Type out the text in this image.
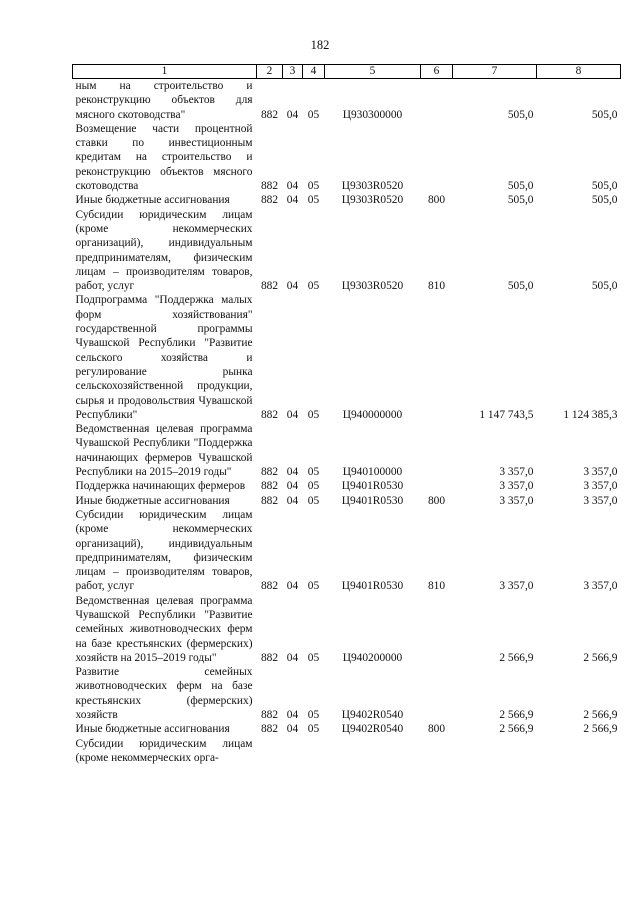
182
1	2	3	4	5	6	7	8
ным на строительство и реконструкцию объектов для мясного скотоводства"	882	04	05	Ц930300000		505,0	505,0
Возмещение части процентной ставки по инвестиционным кредитам на строительство и реконструкцию объектов мясного скотоводства	882	04	05	Ц9303R0520		505,0	505,0
Иные бюджетные ассигнования	882	04	05	Ц9303R0520	800	505,0	505,0
Субсидии юридическим лицам (кроме некоммерческих организаций), индивидуальным предпринимателям, физическим лицам – производителям товаров, работ, услуг	882	04	05	Ц9303R0520	810	505,0	505,0
Подпрограмма "Поддержка малых форм хозяйствования" государственной программы Чувашской Республики "Развитие сельского хозяйства и регулирование рынка сельскохозяйственной продукции, сырья и продовольствия Чувашской Республики"	882	04	05	Ц940000000		1 147 743,5	1 124 385,3
Ведомственная целевая программа Чувашской Республики "Поддержка начинающих фермеров Чувашской Республики на 2015–2019 годы"	882	04	05	Ц940100000		3 357,0	3 357,0
Поддержка начинающих фермеров	882	04	05	Ц9401R0530		3 357,0	3 357,0
Иные бюджетные ассигнования	882	04	05	Ц9401R0530	800	3 357,0	3 357,0
Субсидии юридическим лицам (кроме некоммерческих организаций), индивидуальным предпринимателям, физическим лицам – производителям товаров, работ, услуг	882	04	05	Ц9401R0530	810	3 357,0	3 357,0
Ведомственная целевая программа Чувашской Республики "Развитие семейных животноводческих ферм на базе крестьянских (фермерских) хозяйств на 2015–2019 годы"	882	04	05	Ц940200000		2 566,9	2 566,9
Развитие семейных животноводческих ферм на базе крестьянских (фермерских) хозяйств	882	04	05	Ц9402R0540		2 566,9	2 566,9
Иные бюджетные ассигнования	882	04	05	Ц9402R0540	800	2 566,9	2 566,9
Субсидии юридическим лицам (кроме некоммерческих орга-							
